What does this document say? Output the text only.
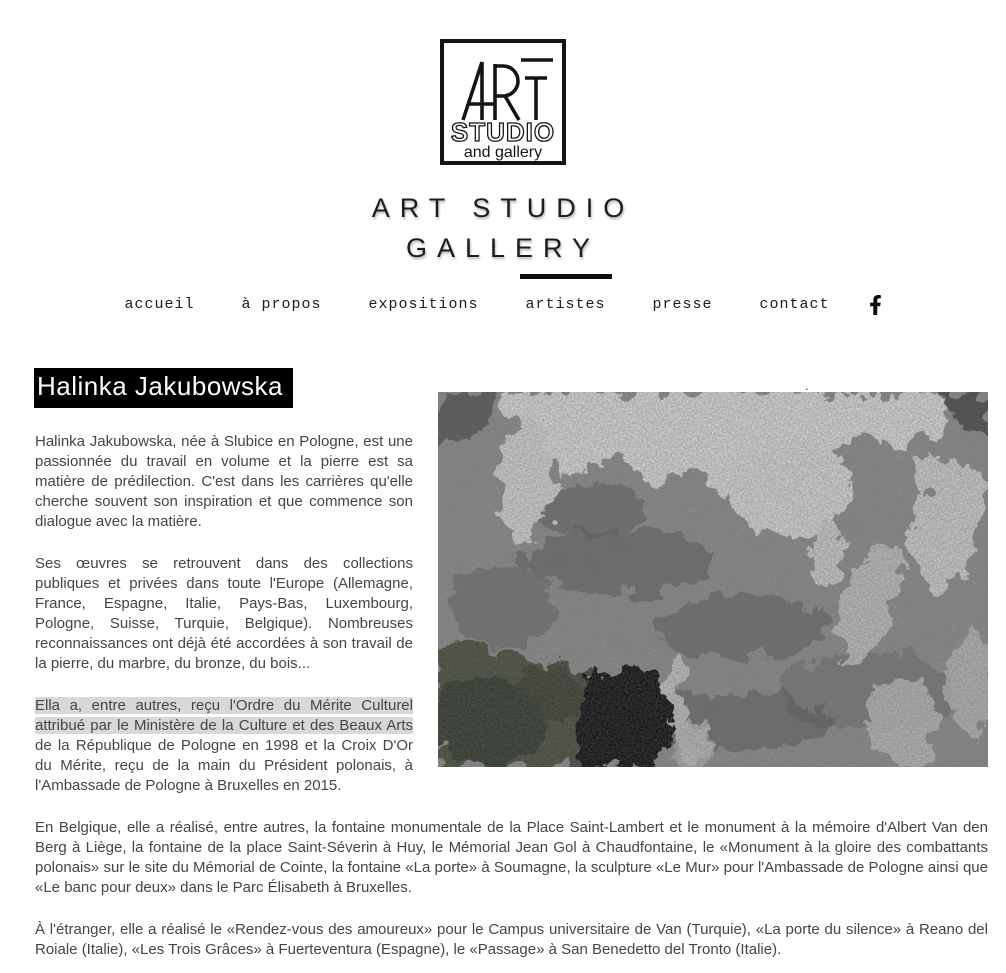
STUDIO
and gallery
ART STUDIO
GALLERY
accueil	à propos	expositions	artistes	presse	contact
Halinka Jakubowska	.

Halinka Jakubowska, née à Slubice en Pologne, est une passionnée du travail en volume et la pierre est sa matière de prédilection. C'est dans les carrières qu'elle cherche souvent son inspiration et que commence son dialogue avec la matière.

Ses œuvres se retrouvent dans des collections publiques et privées dans toute l'Europe (Allemagne, France, Espagne, Italie, Pays-Bas, Luxembourg, Pologne, Suisse, Turquie, Belgique). Nombreuses reconnaissances ont déjà été accordées à son travail de la pierre, du marbre, du bronze, du bois...

Ella a, entre autres, reçu l'Ordre du Mérite Culturel attribué par le Ministère de la Culture et des Beaux Arts de la République de Pologne en 1998 et la Croix D'Or du Mérite, reçu de la main du Président polonais, à l'Ambassade de Pologne à Bruxelles en 2015.

En Belgique, elle a réalisé, entre autres, la fontaine monumentale de la Place Saint-Lambert et le monument à la mémoire d'Albert Van den Berg à Liège, la fontaine de la place Saint-Séverin à Huy, le Mémorial Jean Gol à Chaudfontaine, le «Monument à la gloire des combattants polonais» sur le site du Mémorial de Cointe, la fontaine «La porte» à Soumagne, la sculpture «Le Mur» pour l'Ambassade de Pologne ainsi que «Le banc pour deux» dans le Parc Élisabeth à Bruxelles.

À l'étranger, elle a réalisé le «Rendez-vous des amoureux» pour le Campus universitaire de Van (Turquie), «La porte du silence» à Reano del Roiale (Italie), «Les Trois Grâces» à Fuerteventura (Espagne), le «Passage» à San Benedetto del Tronto (Italie).
